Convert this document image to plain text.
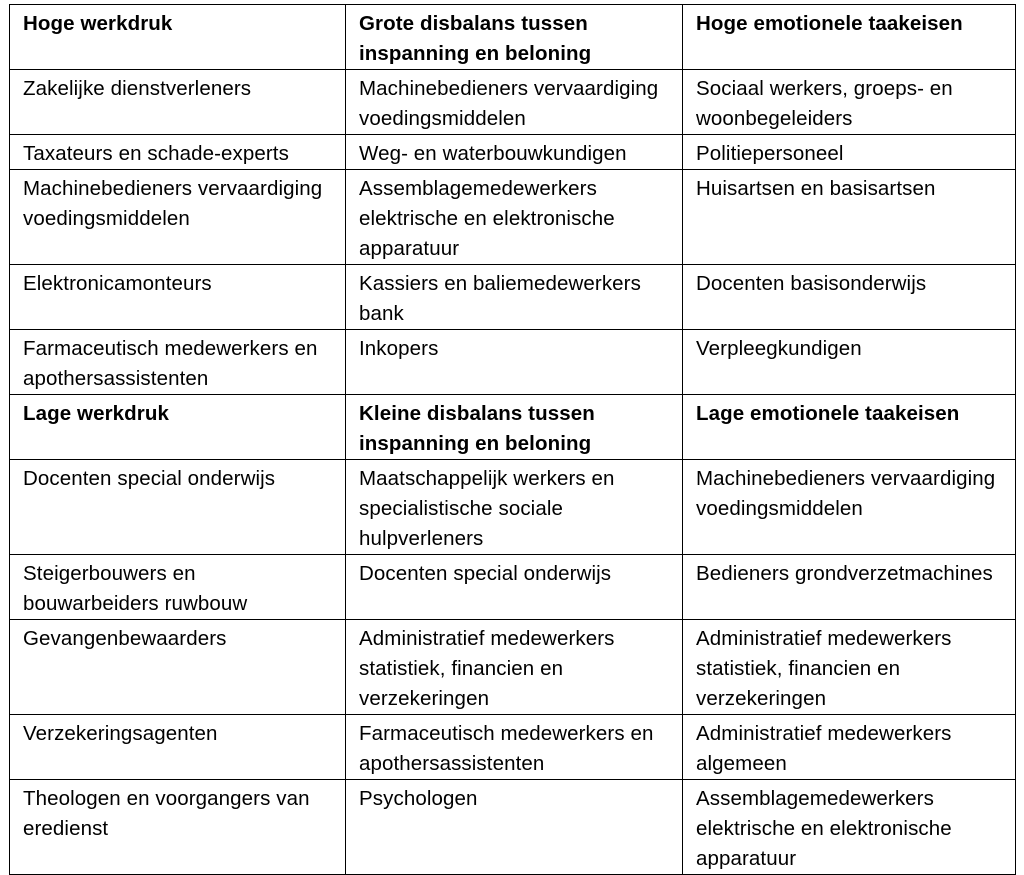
Hoge werkdruk	Grote disbalans tussen inspanning en beloning	Hoge emotionele taakeisen
Zakelijke dienstverleners	Machinebedieners vervaardiging voedingsmiddelen	Sociaal werkers, groeps- en woonbegeleiders
Taxateurs en schade-experts	Weg- en waterbouwkundigen	Politiepersoneel
Machinebedieners vervaardiging voedingsmiddelen	Assemblagemedewerkers elektrische en elektronische apparatuur	Huisartsen en basisartsen
Elektronicamonteurs	Kassiers en baliemedewerkers bank	Docenten basisonderwijs
Farmaceutisch medewerkers en apothersassistenten	Inkopers	Verpleegkundigen
Lage werkdruk	Kleine disbalans tussen inspanning en beloning	Lage emotionele taakeisen
Docenten special onderwijs	Maatschappelijk werkers en specialistische sociale hulpverleners	Machinebedieners vervaardiging voedingsmiddelen
Steigerbouwers en bouwarbeiders ruwbouw	Docenten special onderwijs	Bedieners grondverzetmachines
Gevangenbewaarders	Administratief medewerkers statistiek, financien en verzekeringen	Administratief medewerkers statistiek, financien en verzekeringen
Verzekeringsagenten	Farmaceutisch medewerkers en apothersassistenten	Administratief medewerkers algemeen
Theologen en voorgangers van eredienst	Psychologen	Assemblagemedewerkers elektrische en elektronische apparatuur
